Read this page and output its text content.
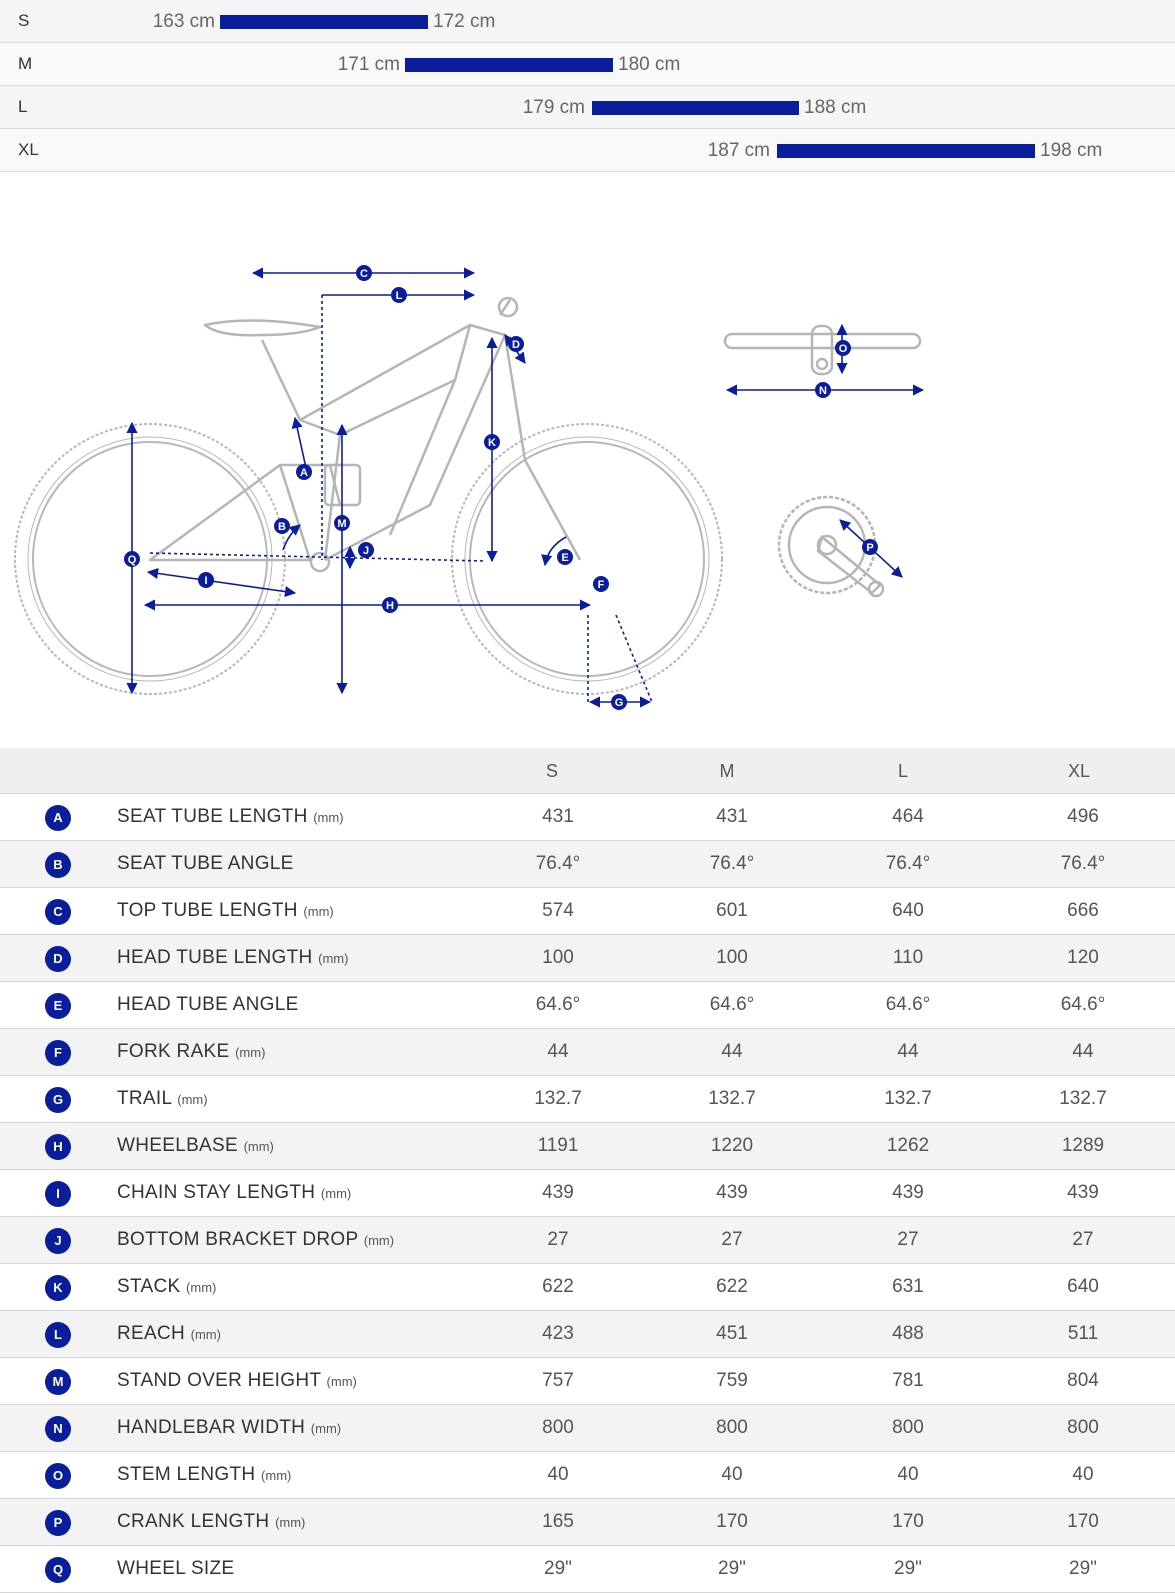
S	163 cm	172 cm
M	171 cm	180 cm
L	179 cm	188 cm
XL	187 cm	198 cm
A
B
C
D
E
F
G
H
I
J
K
L
M
N
O
P
Q
S	M	L	XL
A	SEAT TUBE LENGTH (mm)	431	431	464	496
B	SEAT TUBE ANGLE	76.4°	76.4°	76.4°	76.4°
C	TOP TUBE LENGTH (mm)	574	601	640	666
D	HEAD TUBE LENGTH (mm)	100	100	110	120
E	HEAD TUBE ANGLE	64.6°	64.6°	64.6°	64.6°
F	FORK RAKE (mm)	44	44	44	44
G	TRAIL (mm)	132.7	132.7	132.7	132.7
H	WHEELBASE (mm)	1191	1220	1262	1289
I	CHAIN STAY LENGTH (mm)	439	439	439	439
J	BOTTOM BRACKET DROP (mm)	27	27	27	27
K	STACK (mm)	622	622	631	640
L	REACH (mm)	423	451	488	511
M	STAND OVER HEIGHT (mm)	757	759	781	804
N	HANDLEBAR WIDTH (mm)	800	800	800	800
O	STEM LENGTH (mm)	40	40	40	40
P	CRANK LENGTH (mm)	165	170	170	170
Q	WHEEL SIZE	29"	29"	29"	29"
